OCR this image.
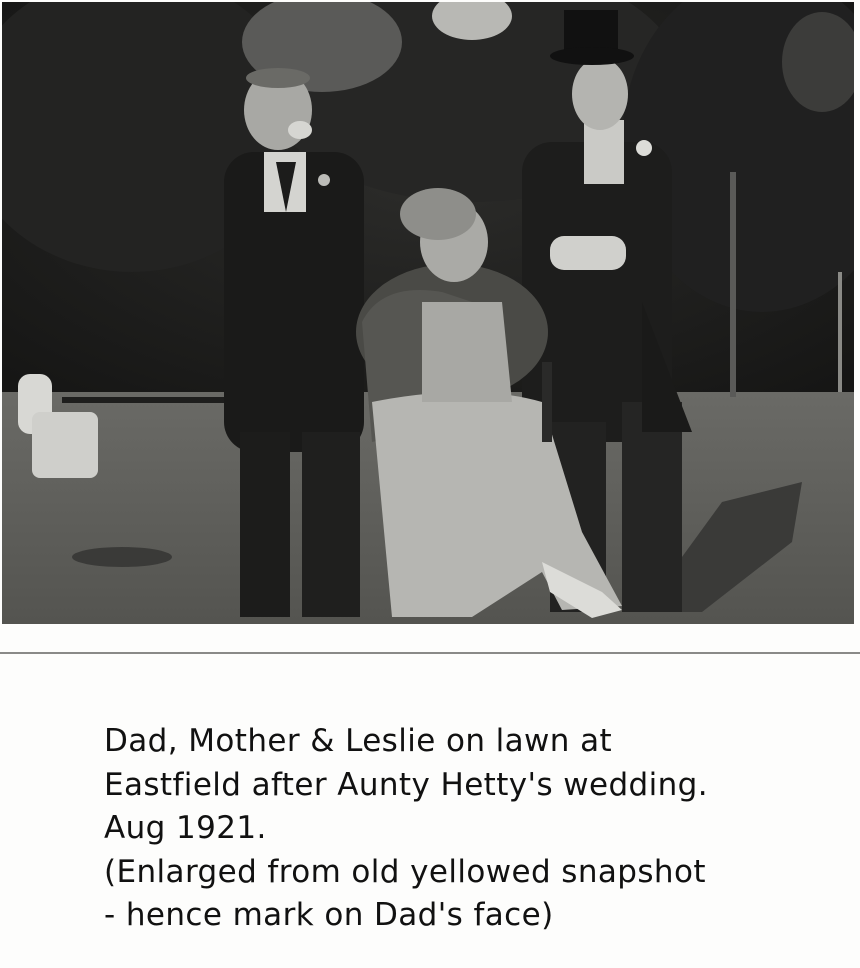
Dad, Mother & Leslie on lawn at
Eastfield after Aunty Hetty's wedding.
Aug 1921.
(Enlarged from old yellowed snapshot
- hence mark on Dad's face)
